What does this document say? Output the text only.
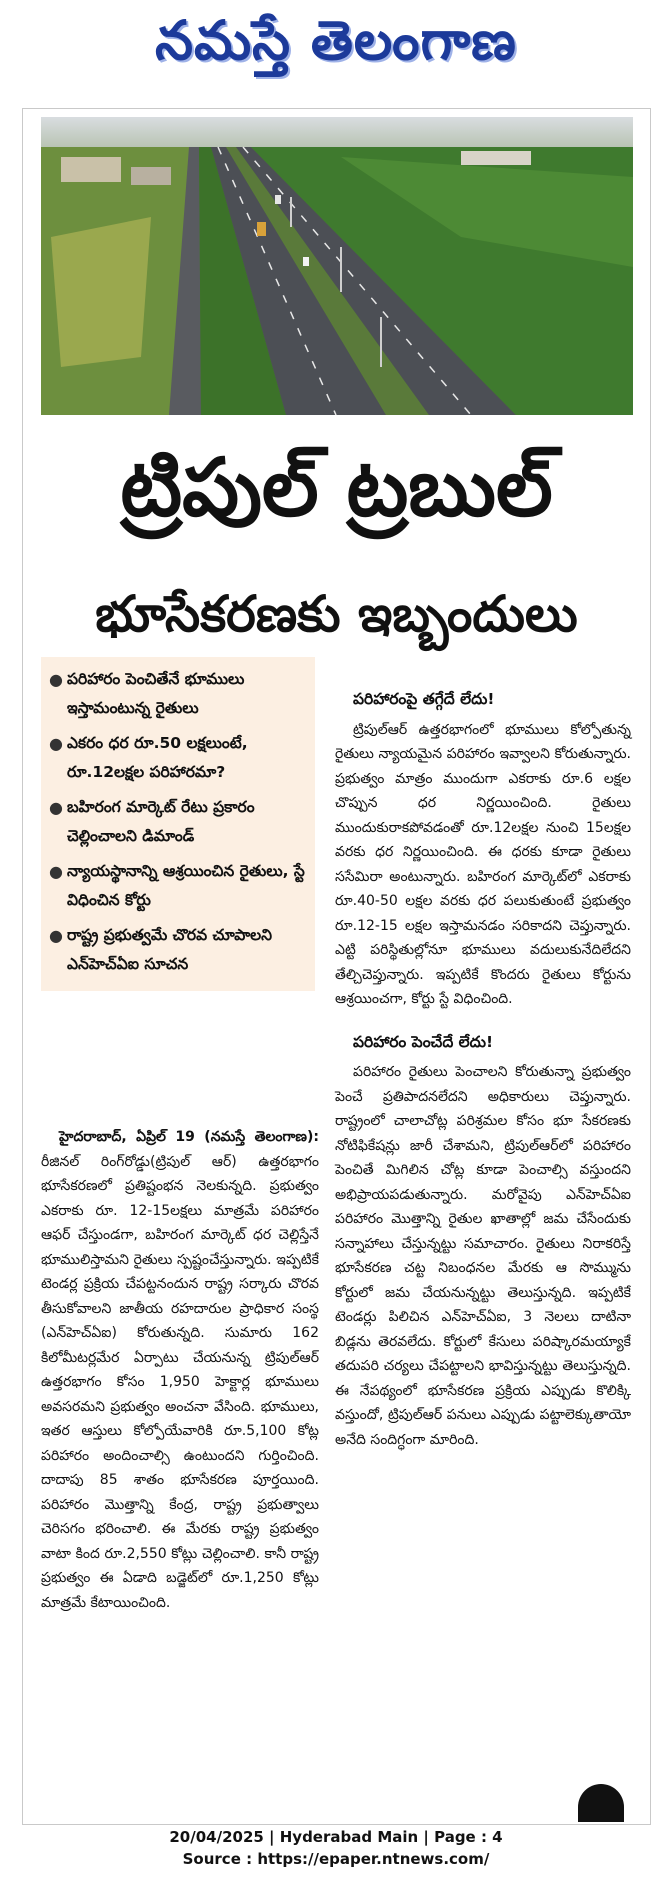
నమస్తే తెలంగాణ
ట్రిపుల్ ట్రబుల్
భూసేకరణకు ఇబ్బందులు
● పరిహారం పెంచితేనే భూములు ఇస్తామంటున్న రైతులు
● ఎకరం ధర రూ.50 లక్షలుంటే, రూ.12లక్షల పరిహారమా?
● బహిరంగ మార్కెట్ రేటు ప్రకారం చెల్లించాలని డిమాండ్
● న్యాయస్థానాన్ని ఆశ్రయించిన రైతులు, స్టే విధించిన కోర్టు
● రాష్ట్ర ప్రభుత్వమే చొరవ చూపాలని ఎన్‌హెచ్‌ఏఐ సూచన

హైదరాబాద్, ఏప్రిల్ 19 (నమస్తే తెలంగాణ): రీజినల్ రింగ్‌రోడ్డు(ట్రిపుల్ ఆర్) ఉత్తరభాగం భూసేకరణలో ప్రతిష్టంభన నెలకున్నది. ప్రభుత్వం ఎకరాకు రూ. 12-15లక్షలు మాత్రమే పరిహారం ఆఫర్ చేస్తుండగా, బహిరంగ మార్కెట్ ధర చెల్లిస్తేనే భూములిస్తామని రైతులు స్పష్టంచేస్తున్నారు. ఇప్పటికే టెండర్ల ప్రక్రియ చేపట్టనందున రాష్ట్ర సర్కారు చొరవ తీసుకోవాలని జాతీయ రహదారుల ప్రాధికార సంస్థ (ఎన్‌హెచ్‌ఏఐ) కోరుతున్నది. సుమారు 162 కిలోమీటర్లమేర ఏర్పాటు చేయనున్న ట్రిపుల్‌ఆర్ ఉత్తరభాగం కోసం 1,950 హెక్టార్ల భూములు అవసరమని ప్రభుత్వం అంచనా వేసింది. భూములు, ఇతర ఆస్తులు కోల్పోయేవారికి రూ.5,100 కోట్ల పరిహారం అందించాల్సి ఉంటుందని గుర్తించింది. దాదాపు 85 శాతం భూసేకరణ పూర్తయింది. పరిహారం మొత్తాన్ని కేంద్ర, రాష్ట్ర ప్రభుత్వాలు చెరిసగం భరించాలి. ఈ మేరకు రాష్ట్ర ప్రభుత్వం వాటా కింద రూ.2,550 కోట్లు చెల్లించాలి. కానీ రాష్ట్ర ప్రభుత్వం ఈ ఏడాది బడ్జెట్‌లో రూ.1,250 కోట్లు మాత్రమే కేటాయించింది.

పరిహారంపై తగ్గేదే లేదు!

ట్రిపుల్‌ఆర్ ఉత్తరభాగంలో భూములు కోల్పోతున్న రైతులు న్యాయమైన పరిహారం ఇవ్వాలని కోరుతున్నారు. ప్రభుత్వం మాత్రం ముందుగా ఎకరాకు రూ.6 లక్షల చొప్పున ధర నిర్ణయించింది. రైతులు ముందుకురాకపోవడంతో రూ.12లక్షల నుంచి 15లక్షల వరకు ధర నిర్ణయించింది. ఈ ధరకు కూడా రైతులు ససేమిరా అంటున్నారు. బహిరంగ మార్కెట్‌లో ఎకరాకు రూ.40-50 లక్షల వరకు ధర పలుకుతుంటే ప్రభుత్వం రూ.12-15 లక్షల ఇస్తామనడం సరికాదని చెప్తున్నారు. ఎట్టి పరిస్థితుల్లోనూ భూములు వదులుకునేదిలేదని తేల్చిచెప్తున్నారు. ఇప్పటికే కొందరు రైతులు కోర్టును ఆశ్రయించగా, కోర్టు స్టే విధించింది.

పరిహారం పెంచేదే లేదు!

పరిహారం రైతులు పెంచాలని కోరుతున్నా ప్రభుత్వం పెంచే ప్రతిపాదనలేదని అధికారులు చెప్తున్నారు. రాష్ట్రంలో చాలాచోట్ల పరిశ్రమల కోసం భూ సేకరణకు నోటిఫికేషన్లు జారీ చేశామని, ట్రిపుల్‌ఆర్‌లో పరిహారం పెంచితే మిగిలిన చోట్ల కూడా పెంచాల్సి వస్తుందని అభిప్రాయపడుతున్నారు. మరోవైపు ఎన్‌హెచ్‌ఏఐ పరిహారం మొత్తాన్ని రైతుల ఖాతాల్లో జమ చేసేందుకు సన్నాహాలు చేస్తున్నట్టు సమాచారం. రైతులు నిరాకరిస్తే భూసేకరణ చట్ట నిబంధనల మేరకు ఆ సొమ్మును కోర్టులో జమ చేయనున్నట్టు తెలుస్తున్నది. ఇప్పటికే టెండర్లు పిలిచిన ఎన్‌హెచ్‌ఏఐ, 3 నెలలు దాటినా బిడ్లను తెరవలేదు. కోర్టులో కేసులు పరిష్కారమయ్యాకే తదుపరి చర్యలు చేపట్టాలని భావిస్తున్నట్టు తెలుస్తున్నది. ఈ నేపథ్యంలో భూసేకరణ ప్రక్రియ ఎప్పుడు కొలిక్కి వస్తుందో, ట్రిపుల్‌ఆర్ పనులు ఎప్పుడు పట్టాలెక్కుతాయో అనేది సందిగ్ధంగా మారింది.

20/04/2025 | Hyderabad Main | Page : 4
Source : https://epaper.ntnews.com/
